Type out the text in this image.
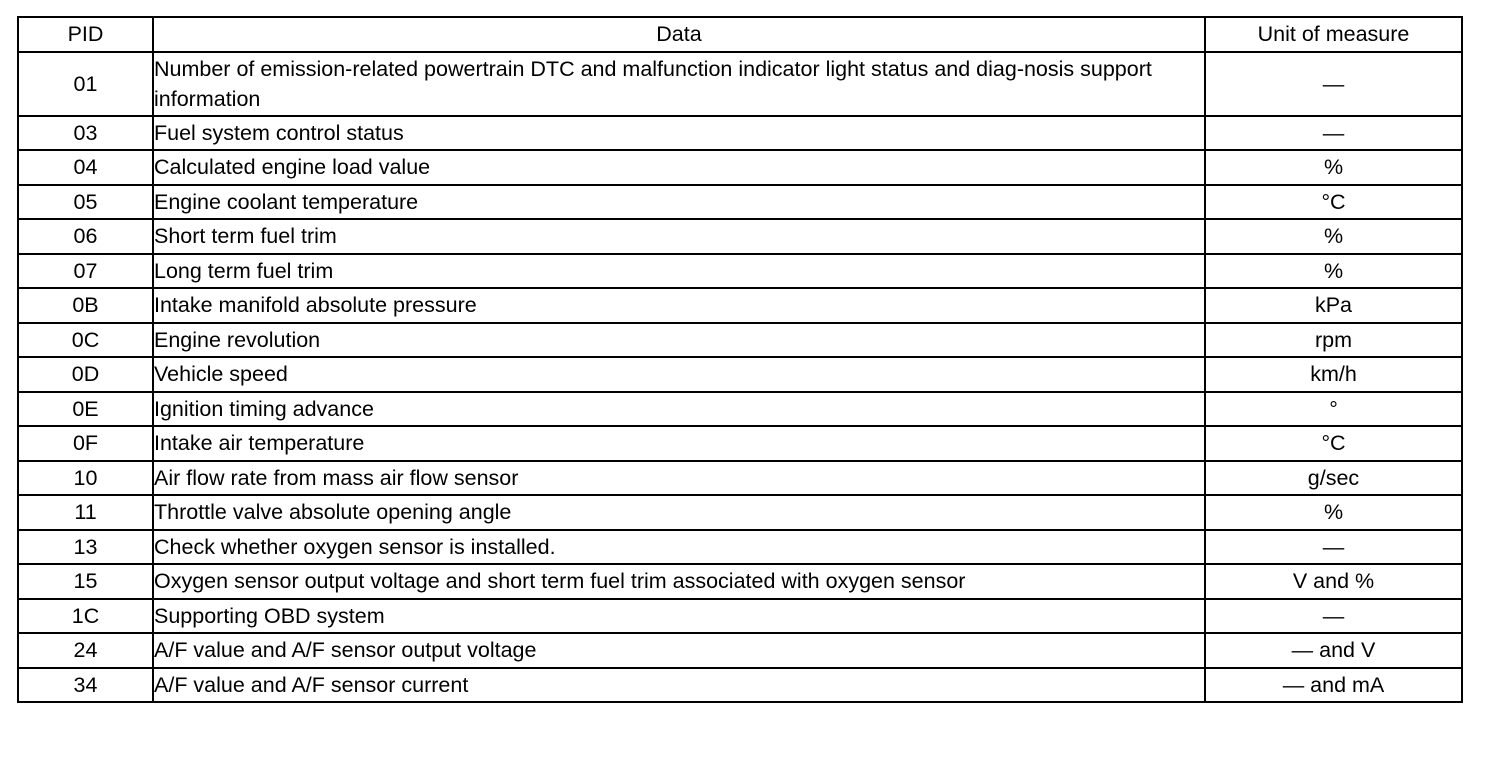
PID	Data	Unit of measure
01	Number of emission-related powertrain DTC and malfunction indicator light status and diag-nosis support information	—
03	Fuel system control status	—
04	Calculated engine load value	%
05	Engine coolant temperature	°C
06	Short term fuel trim	%
07	Long term fuel trim	%
0B	Intake manifold absolute pressure	kPa
0C	Engine revolution	rpm
0D	Vehicle speed	km/h
0E	Ignition timing advance	°
0F	Intake air temperature	°C
10	Air flow rate from mass air flow sensor	g/sec
11	Throttle valve absolute opening angle	%
13	Check whether oxygen sensor is installed.	—
15	Oxygen sensor output voltage and short term fuel trim associated with oxygen sensor	V and %
1C	Supporting OBD system	—
24	A/F value and A/F sensor output voltage	— and V
34	A/F value and A/F sensor current	— and mA
